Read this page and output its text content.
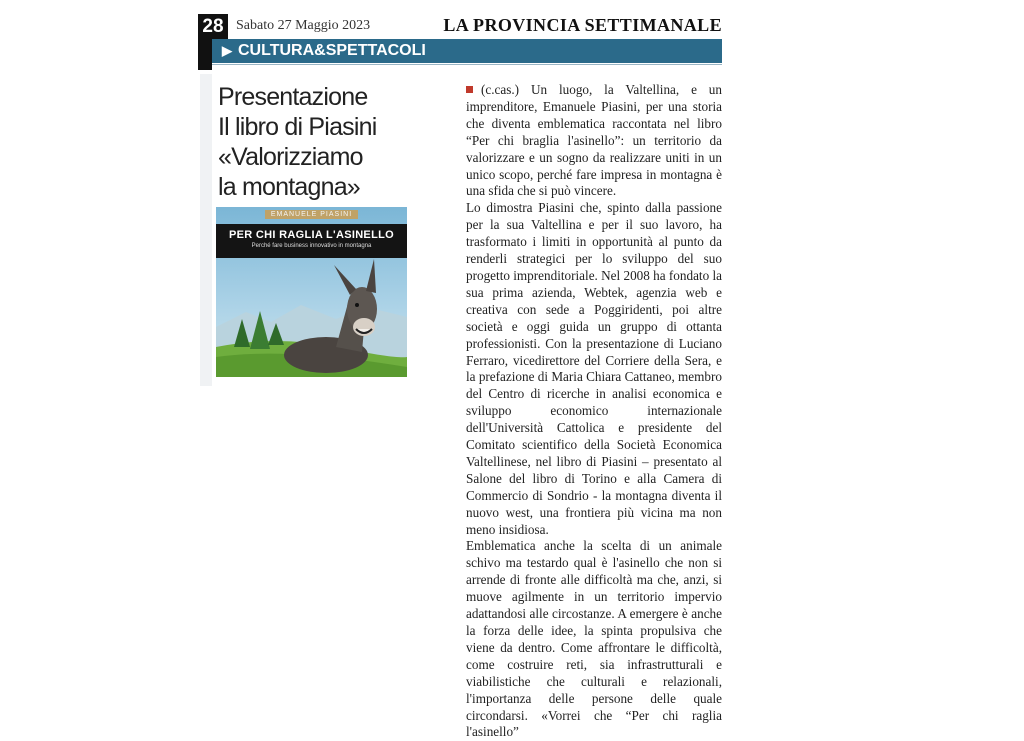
28 Sabato 27 Maggio 2023	LA PROVINCIA SETTIMANALE
▶ CULTURA&SPETTACOLI
Presentazione
Il libro di Piasini
«Valorizziamo
la montagna»
EMANUELE PIASINI
PER CHI RAGLIA L'ASINELLO
Perché fare business innovativo in montagna

(c.cas.) Un luogo, la Valtellina, e un imprenditore, Emanuele Piasini, per una storia che diventa emblematica raccontata nel libro “Per chi braglia l'asinello”: un territorio da valorizzare e un sogno da realizzare uniti in un unico scopo, perché fare impresa in montagna è una sfida che si può vincere.

Lo dimostra Piasini che, spinto dalla passione per la sua Valtellina e per il suo lavoro, ha trasformato i limiti in opportunità al punto da renderli strategici per lo sviluppo del suo progetto imprenditoriale. Nel 2008 ha fondato la sua prima azienda, Webtek, agenzia web e creativa con sede a Poggiridenti, poi altre società e oggi guida un gruppo di ottanta professionisti. Con la presentazione di Luciano Ferraro, vicedirettore del Corriere della Sera, e la prefazione di Maria Chiara Cattaneo, membro del Centro di ricerche in analisi economica e sviluppo economico internazionale dell'Università Cattolica e presidente del Comitato scientifico della Società Economica Valtellinese, nel libro di Piasini – presentato al Salone del libro di Torino e alla Camera di Commercio di Sondrio - la montagna diventa il nuovo west, una frontiera più vicina ma non meno insidiosa.

Emblematica anche la scelta di un animale schivo ma testardo qual è l'asinello che non si arrende di fronte alle difficoltà ma che, anzi, si muove agilmente in un territorio impervio adattandosi alle circostanze. A emergere è anche la forza delle idee, la spinta propulsiva che viene da dentro. Come affrontare le difficoltà, come costruire reti, sia infrastrutturali e viabilistiche che culturali e relazionali, l'importanza delle persone delle quale circondarsi. «Vorrei che “Per chi raglia l'asinello”
